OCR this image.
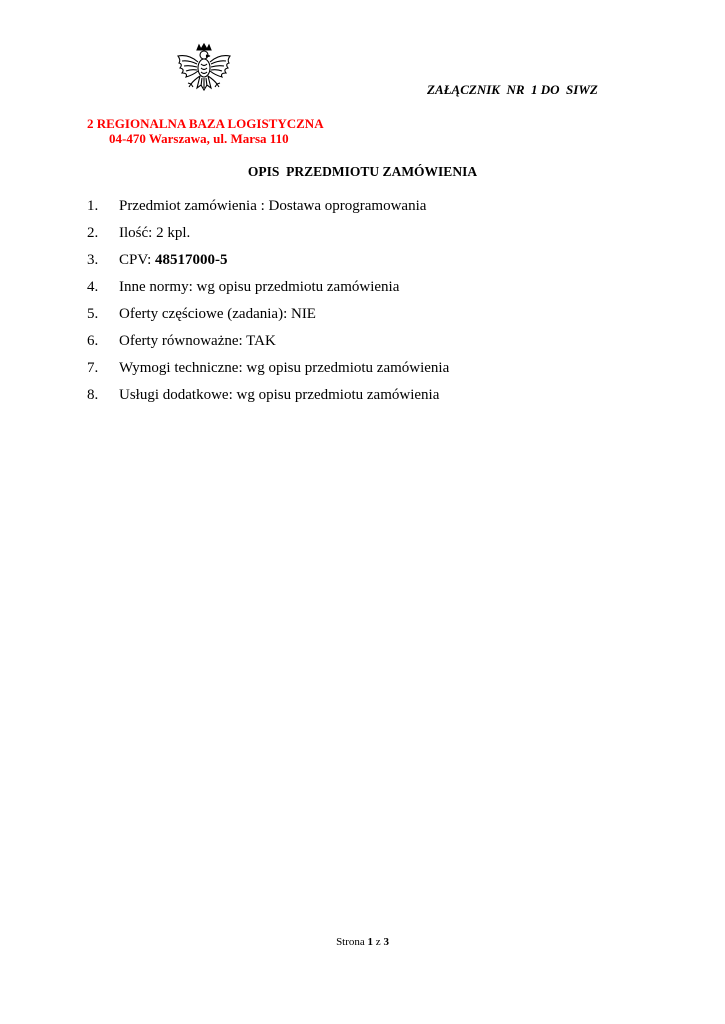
ZAŁĄCZNIK  NR  1 DO  SIWZ
2 REGIONALNA BAZA LOGISTYCZNA
04-470 Warszawa, ul. Marsa 110
OPIS  PRZEDMIOTU ZAMÓWIENIA
1.	Przedmiot zamówienia : Dostawa oprogramowania
2.	Ilość: 2 kpl.
3.	CPV: 48517000-5
4.	Inne normy: wg opisu przedmiotu zamówienia
5.	Oferty częściowe (zadania): NIE
6.	Oferty równoważne: TAK
7.	Wymogi techniczne: wg opisu przedmiotu zamówienia
8.	Usługi dodatkowe: wg opisu przedmiotu zamówienia
Strona 1 z 3
